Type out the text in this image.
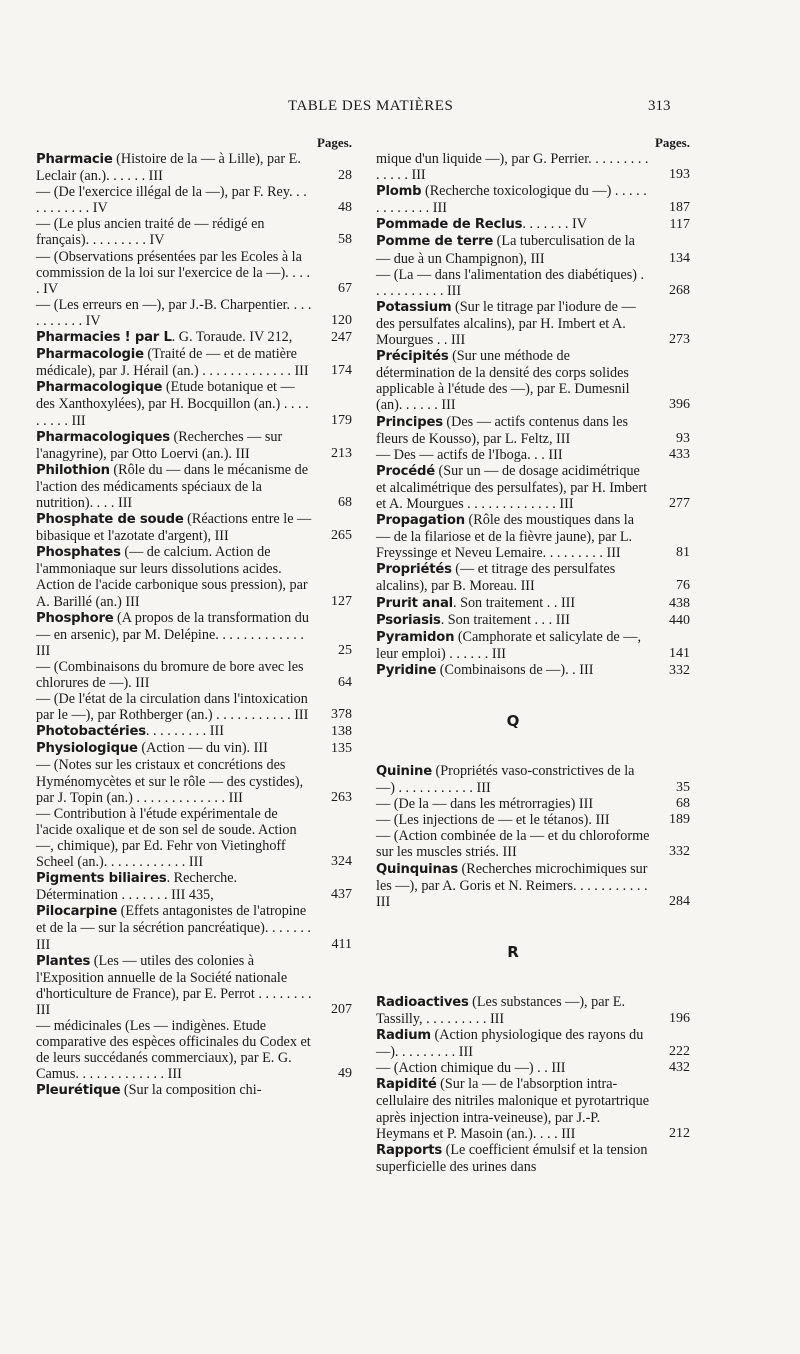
TABLE DES MATIÈRES	313
Pages.
Pharmacie (Histoire de la — à Lille), par E. Leclair (an.). . . . . . III	28
— (De l'exercice illégal de la —), par F. Rey. . . . . . . . . . . IV	48
— (Le plus ancien traité de — rédigé en français). . . . . . . . . IV	58
— (Observations présentées par les Ecoles à la commission de la loi sur l'exercice de la —). . . . . IV	67
— (Les erreurs en —), par J.-B. Charpentier. . . . . . . . . . . IV	120
Pharmacies ! par L. G. Toraude. IV 212,	247
Pharmacologie (Traité de — et de matière médicale), par J. Hérail (an.) . . . . . . . . . . . . . III	174
Pharmacologique (Etude botanique et — des Xanthoxylées), par H. Bocquillon (an.) . . . . . . . . . III	179
Pharmacologiques (Recherches — sur l'anagyrine), par Otto Loervi (an.). III	213
Philothion (Rôle du — dans le mécanisme de l'action des médicaments spéciaux de la nutrition). . . . III	68
Phosphate de soude (Réactions entre le — bibasique et l'azotate d'argent), III	265
Phosphates (— de calcium. Action de l'ammoniaque sur leurs dissolutions acides. Action de l'acide carbonique sous pression), par A. Barillé (an.) III	127
Phosphore (A propos de la transformation du — en arsenic), par M. Delépine. . . . . . . . . . . . . III	25
— (Combinaisons du bromure de bore avec les chlorures de —). III	64
— (De l'état de la circulation dans l'intoxication par le —), par Rothberger (an.) . . . . . . . . . . . III	378
Photobactéries. . . . . . . . . III	138
Physiologique (Action — du vin). III	135
— (Notes sur les cristaux et concrétions des Hyménomycètes et sur le rôle — des cystides), par J. Topin (an.) . . . . . . . . . . . . . III	263
— Contribution à l'étude expérimentale de l'acide oxalique et de son sel de soude. Action —, chimique), par Ed. Fehr von Vietinghoff Scheel (an.). . . . . . . . . . . . III	324
Pigments biliaires. Recherche. Détermination . . . . . . . III 435,	437
Pilocarpine (Effets antagonistes de l'atropine et de la — sur la sécrétion pancréatique). . . . . . . III	411
Plantes (Les — utiles des colonies à l'Exposition annuelle de la Société nationale d'horticulture de France), par E. Perrot . . . . . . . . III	207
— médicinales (Les — indigènes. Etude comparative des espèces officinales du Codex et de leurs succédanés commerciaux), par E. G. Camus. . . . . . . . . . . . . III	49
Pleurétique (Sur la composition chi-
Pages.
mique d'un liquide —), par G. Perrier. . . . . . . . . . . . . . III	193
Plomb (Recherche toxicologique du —) . . . . . . . . . . . . . III	187
Pommade de Reclus. . . . . . . IV	117
Pomme de terre (La tuberculisation de la — due à un Champignon), III	134
— (La — dans l'alimentation des diabétiques) . . . . . . . . . . . III	268
Potassium (Sur le titrage par l'iodure de — des persulfates alcalins), par H. Imbert et A. Mourgues . . III	273
Précipités (Sur une méthode de détermination de la densité des corps solides applicable à l'étude des —), par E. Dumesnil (an). . . . . . III	396
Principes (Des — actifs contenus dans les fleurs de Kousso), par L. Feltz, III	93
— Des — actifs de l'Iboga. . . III	433
Procédé (Sur un — de dosage acidimétrique et alcalimétrique des persulfates), par H. Imbert et A. Mourgues . . . . . . . . . . . . . III	277
Propagation (Rôle des moustiques dans la — de la filariose et de la fièvre jaune), par L. Freyssinge et Neveu Lemaire. . . . . . . . . III	81
Propriétés (— et titrage des persulfates alcalins), par B. Moreau. III	76
Prurit anal. Son traitement . . III	438
Psoriasis. Son traitement . . . III	440
Pyramidon (Camphorate et salicylate de —, leur emploi) . . . . . . III	141
Pyridine (Combinaisons de —). . III	332
Q
Quinine (Propriétés vaso-constrictives de la —) . . . . . . . . . . . III	35
— (De la — dans les métrorragies) III	68
— (Les injections de — et le tétanos). III	189
— (Action combinée de la — et du chloroforme sur les muscles striés. III	332
Quinquinas (Recherches microchimiques sur les —), par A. Goris et N. Reimers. . . . . . . . . . . III	284
R
Radioactives (Les substances —), par E. Tassilly, . . . . . . . . . III	196
Radium (Action physiologique des rayons du —). . . . . . . . . III	222
— (Action chimique du —) . . III	432
Rapidité (Sur la — de l'absorption intra-cellulaire des nitriles malonique et pyrotartrique après injection intra-veineuse), par J.-P. Heymans et P. Masoin (an.). . . . III	212
Rapports (Le coefficient émulsif et la tension superficielle des urines dans
